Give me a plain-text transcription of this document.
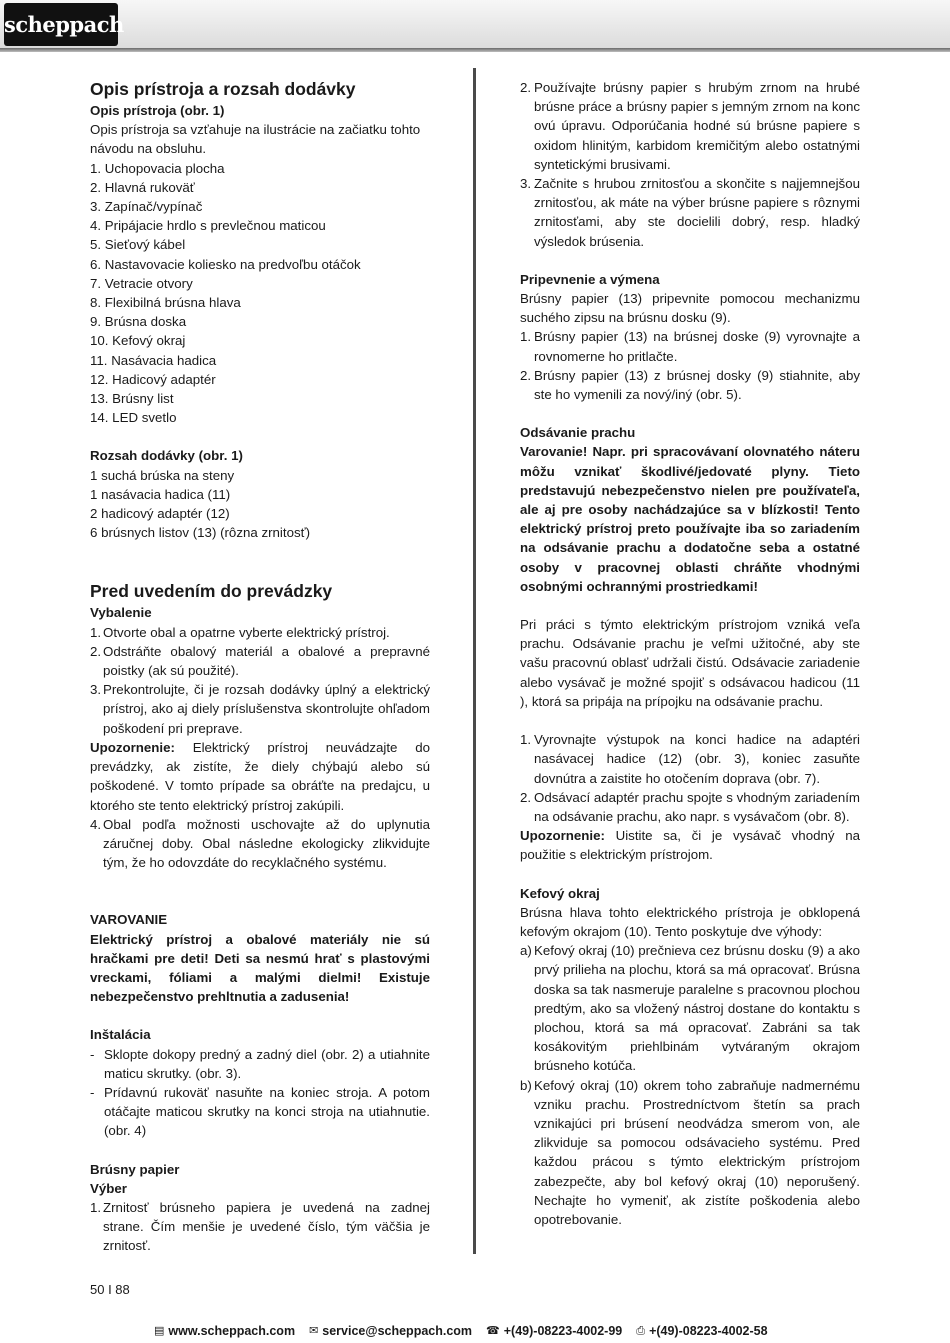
scheppach
Opis prístroja a rozsah dodávky

Opis prístroja (obr. 1)

Opis prístroja sa vzťahuje na ilustrácie na začiatku tohto návodu na obsluhu.

1. Uchopovacia plocha

2. Hlavná rukoväť

3. Zapínač/vypínač

4. Pripájacie hrdlo s prevlečnou maticou

5. Sieťový kábel

6. Nastavovacie koliesko na predvoľbu otáčok

7. Vetracie otvory

8. Flexibilná brúsna hlava

9. Brúsna doska

10. Kefový okraj

11. Nasávacia hadica

12. Hadicový adaptér

13. Brúsny list

14. LED svetlo

Rozsah dodávky (obr. 1)

1 suchá brúska na steny

1 nasávacia hadica (11)

2 hadicový adaptér (12)

6 brúsnych listov (13) (rôzna zrnitosť)

Pred uvedením do prevádzky

Vybalenie

1. Otvorte obal a opatrne vyberte elektrický prístroj.
2. Odstráňte obalový materiál a obalové a prepravné poistky (ak sú použité).
3. Prekontrolujte, či je rozsah dodávky úplný a elektrický prístroj, ako aj diely príslušenstva skontrolujte ohľadom poškodení pri preprave.

Upozornenie: Elektrický prístroj neuvádzajte do prevádzky, ak zistíte, že diely chýbajú alebo sú poškodené. V tomto prípade sa obráťte na predajcu, u ktorého ste tento elektrický prístroj zakúpili.

4. Obal podľa možnosti uschovajte až do uplynutia záručnej doby. Obal následne ekologicky zlikvidujte tým, že ho odovzdáte do recyklačného systému.

VAROVANIE

Elektrický prístroj a obalové materiály nie sú hračkami pre deti! Deti sa nesmú hrať s plastovými vreckami, fóliami a malými dielmi! Existuje nebezpečenstvo prehltnutia a zadusenia!

Inštalácia

- Sklopte dokopy predný a zadný diel (obr. 2) a utiahnite maticu skrutky. (obr. 3).
- Prídavnú rukoväť nasuňte na koniec stroja. A potom otáčajte maticou skrutky na konci stroja na utiahnutie. (obr. 4)

Brúsny papier

Výber

1. Zrnitosť brúsneho papiera je uvedená na zadnej strane. Čím menšie je uvedené číslo, tým väčšia je zrnitosť.
2. Používajte brúsny papier s hrubým zrnom na hrubé brúsne práce a brúsny papier s jemným zrnom na konc ovú úpravu. Odporúčania hodné sú brúsne papiere s oxidom hlinitým, karbidom kremičitým alebo ostatnými syntetickými brusivami.
3. Začnite s hrubou zrnitosťou a skončite s najjemnejšou zrnitosťou, ak máte na výber brúsne papiere s rôznymi zrnitosťami, aby ste docielili dobrý, resp. hladký výsledok brúsenia.

Pripevnenie a výmena

Brúsny papier (13) pripevnite pomocou mechanizmu suchého zipsu na brúsnu dosku (9).

1. Brúsny papier (13) na brúsnej doske (9) vyrovnajte a rovnomerne ho pritlačte.
2. Brúsny papier (13) z brúsnej dosky (9) stiahnite, aby ste ho vymenili za nový/iný (obr. 5).

Odsávanie prachu

Varovanie! Napr. pri spracovávaní olovnatého náteru môžu vznikať škodlivé/jedovaté plyny. Tieto predstavujú nebezpečenstvo nielen pre používateľa, ale aj pre osoby nachádzajúce sa v blízkosti! Tento elektrický prístroj preto používajte iba so zariadením na odsávanie prachu a dodatočne seba a ostatné osoby v pracovnej oblasti chráňte vhodnými osobnými ochrannými prostriedkami!

Pri práci s týmto elektrickým prístrojom vzniká veľa prachu. Odsávanie prachu je veľmi užitočné, aby ste vašu pracovnú oblasť udržali čistú. Odsávacie zariadenie alebo vysávač je možné spojiť s odsávacou hadicou (11 ), ktorá sa pripája na prípojku na odsávanie prachu.

1. Vyrovnajte výstupok na konci hadice na adaptéri nasávacej hadice (12) (obr. 3), koniec zasuňte dovnútra a zaistite ho otočením doprava (obr. 7).
2. Odsávací adaptér prachu spojte s vhodným zariadením na odsávanie prachu, ako napr. s vysávačom (obr. 8).

Upozornenie: Uistite sa, či je vysávač vhodný na použitie s elektrickým prístrojom.

Kefový okraj

Brúsna hlava tohto elektrického prístroja je obklopená kefovým okrajom (10). Tento poskytuje dve výhody:

a) Kefový okraj (10) prečnieva cez brúsnu dosku (9) a ako prvý prilieha na plochu, ktorá sa má opracovať. Brúsna doska sa tak nasmeruje paralelne s pracovnou plochou predtým, ako sa vložený nástroj dostane do kontaktu s plochou, ktorá sa má opracovať. Zabráni sa tak kosákovitým priehlbinám vytváraným okrajom brúsneho kotúča.
b) Kefový okraj (10) okrem toho zabraňuje nadmernému vzniku prachu. Prostredníctvom štetín sa prach vznikajúci pri brúsení neodvádza smerom von, ale zlikviduje sa pomocou odsávacieho systému. Pred každou prácou s týmto elektrickým prístrojom zabezpečte, aby bol kefový okraj (10) neporušený. Nechajte ho vymeniť, ak zistíte poškodenia alebo opotrebovanie.
50 I 88
▤ www.scheppach.com ✉ service@scheppach.com ☎ +(49)-08223-4002-99 ⎙ +(49)-08223-4002-58
